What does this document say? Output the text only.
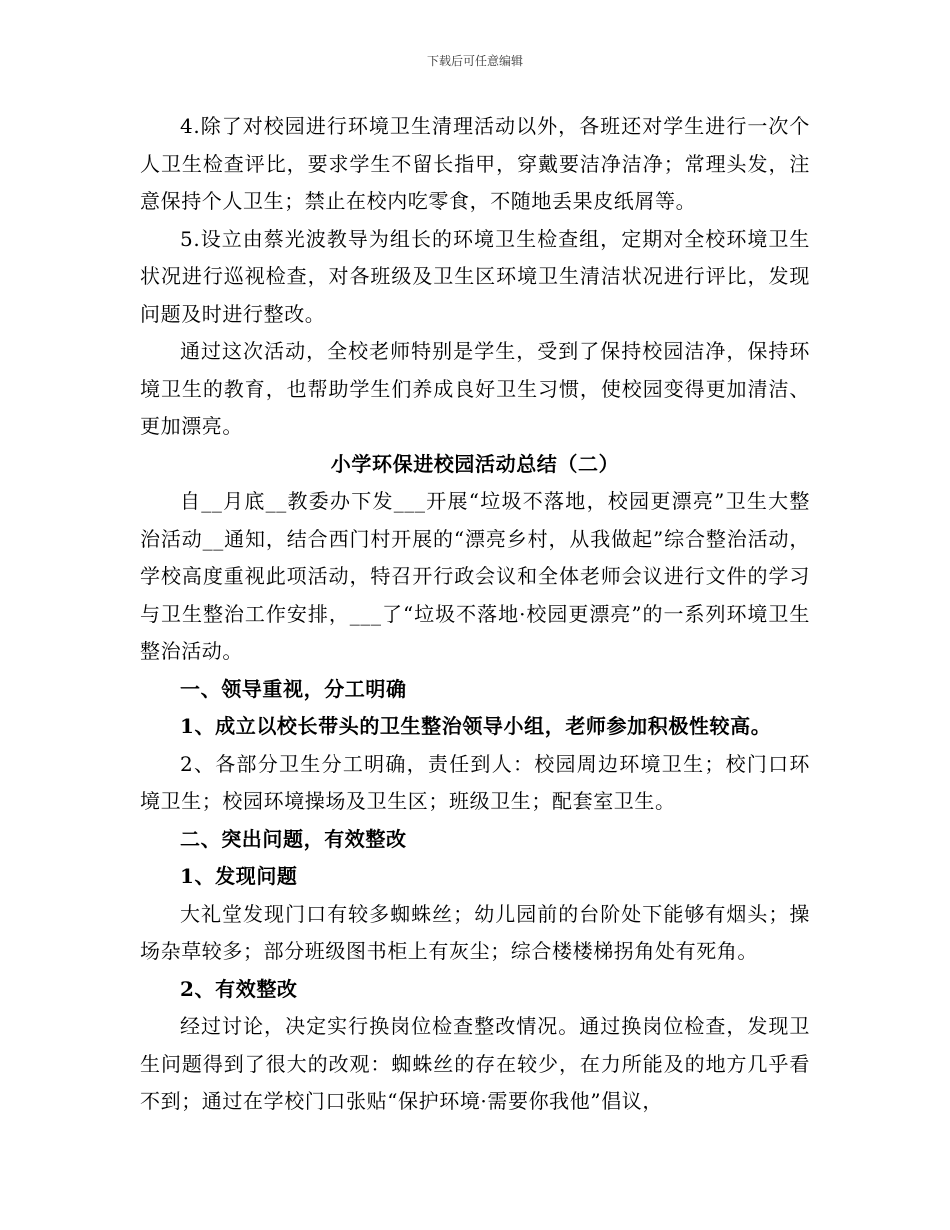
下载后可任意编辑

4.除了对校园进行环境卫生清理活动以外，各班还对学生进行一次个人卫生检查评比，要求学生不留长指甲，穿戴要洁净洁净；常理头发，注意保持个人卫生；禁止在校内吃零食，不随地丢果皮纸屑等。

5.设立由蔡光波教导为组长的环境卫生检查组，定期对全校环境卫生状况进行巡视检查，对各班级及卫生区环境卫生清洁状况进行评比，发现问题及时进行整改。

通过这次活动，全校老师特别是学生，受到了保持校园洁净，保持环境卫生的教育，也帮助学生们养成良好卫生习惯，使校园变得更加清洁、更加漂亮。

小学环保进校园活动总结（二）

自__月底__教委办下发___开展“垃圾不落地，校园更漂亮”卫生大整治活动__通知，结合西门村开展的“漂亮乡村，从我做起”综合整治活动，学校高度重视此项活动，特召开行政会议和全体老师会议进行文件的学习与卫生整治工作安排，___了“垃圾不落地·校园更漂亮”的一系列环境卫生整治活动。

一、领导重视，分工明确

1、成立以校长带头的卫生整治领导小组，老师参加积极性较高。

2、各部分卫生分工明确，责任到人：校园周边环境卫生；校门口环境卫生；校园环境操场及卫生区；班级卫生；配套室卫生。

二、突出问题，有效整改

1、发现问题

大礼堂发现门口有较多蜘蛛丝；幼儿园前的台阶处下能够有烟头；操场杂草较多；部分班级图书柜上有灰尘；综合楼楼梯拐角处有死角。

2、有效整改

经过讨论，决定实行换岗位检查整改情况。通过换岗位检查，发现卫生问题得到了很大的改观：蜘蛛丝的存在较少，在力所能及的地方几乎看不到；通过在学校门口张贴“保护环境·需要你我他”倡议，
